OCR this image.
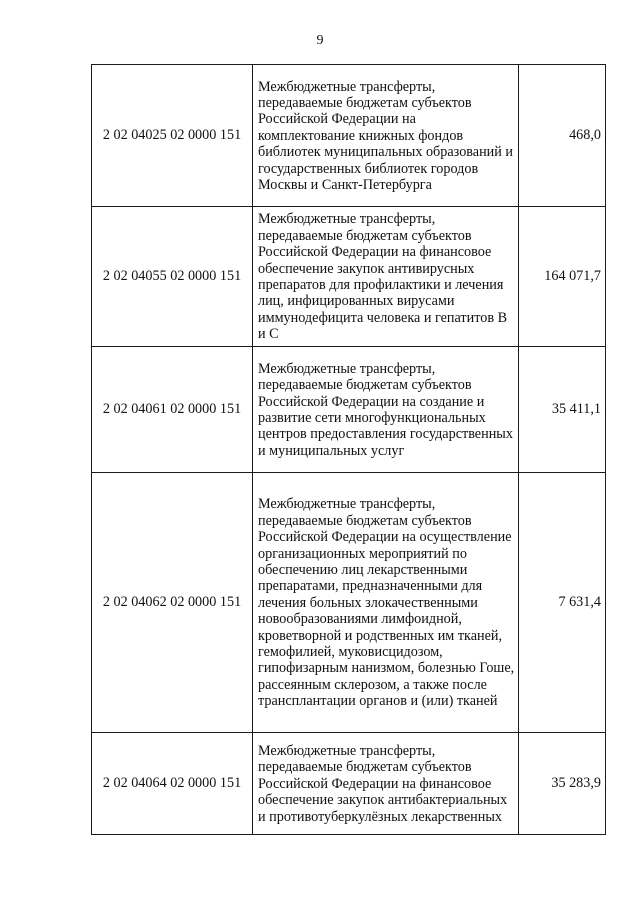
9
2 02 04025 02 0000 151	Межбюджетные трансферты, передаваемые бюджетам субъектов Российской Федерации на комплектование книжных фондов библиотек муниципальных образований и государственных библиотек городов Москвы и Санкт-Петербурга	468,0
2 02 04055 02 0000 151	Межбюджетные трансферты, передаваемые бюджетам субъектов Российской Федерации на финансовое обеспечение закупок антивирусных препаратов для профилактики и лечения лиц, инфицированных вирусами иммунодефицита человека и гепатитов В и С	164 071,7
2 02 04061 02 0000 151	Межбюджетные трансферты, передаваемые бюджетам субъектов Российской Федерации на создание и развитие сети многофункциональных центров предоставления государственных и муниципальных услуг	35 411,1
2 02 04062 02 0000 151	Межбюджетные трансферты, передаваемые бюджетам субъектов Российской Федерации на осуществление организационных мероприятий по обеспечению лиц лекарственными препаратами, предназначенными для лечения больных злокачественными новообразованиями лимфоидной, кроветворной и родственных им тканей, гемофилией, муковисцидозом, гипофизарным нанизмом, болезнью Гоше, рассеянным склерозом, а также после трансплантации органов и (или) тканей	7 631,4
2 02 04064 02 0000 151	Межбюджетные трансферты, передаваемые бюджетам субъектов Российской Федерации на финансовое обеспечение закупок антибактериальных и противотуберкулёзных лекарственных	35 283,9
